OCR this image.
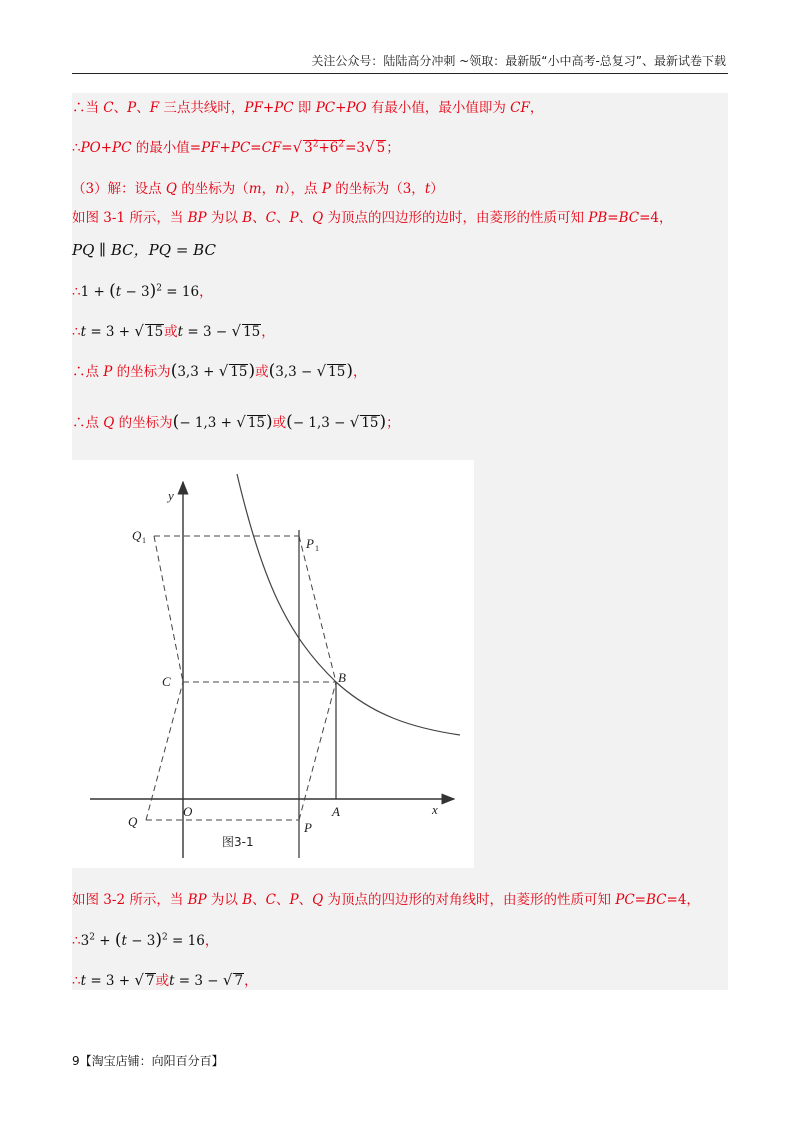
关注公众号：陆陆高分冲刺 ~领取：最新版“小中高考-总复习”、最新试卷下载
∴当 C、P、F 三点共线时，PF+PC 即 PC+PO 有最小值，最小值即为 CF，
∴PO+PC 的最小值=PF+PC=CF=√ $3^2+6^2=3√$ 5；
（3）解：设点 Q 的坐标为（m，n），点 P 的坐标为（3，t）
如图 3-1 所示，当 BP 为以 B、C、P、Q 为顶点的四边形的边时，由菱形的性质可知 PB=BC=4，
PQ ∥ BC，PQ = BC
∴1 + $(t - 3)^2 = 16$，
∴t = 3 + √ 15或t = 3 − √ 15，
∴点 P 的坐标为(3,3 + √ 15)或(3,3 − √ 15)，
∴点 Q 的坐标为(− 1,3 + √ 15)或(− 1,3 − √ 15)；
y
x
O	A
B
C
P
Q
P 1
Q 1
图3-1
如图 3-2 所示，当 BP 为以 B、C、P、Q 为顶点的四边形的对角线时，由菱形的性质可知 PC=BC=4，
$\therefore 3^2 + (t - 3)^2 = 16$，
∴t = 3 + √ 7或t = 3 − √ 7，
9【淘宝店铺：向阳百分百】
